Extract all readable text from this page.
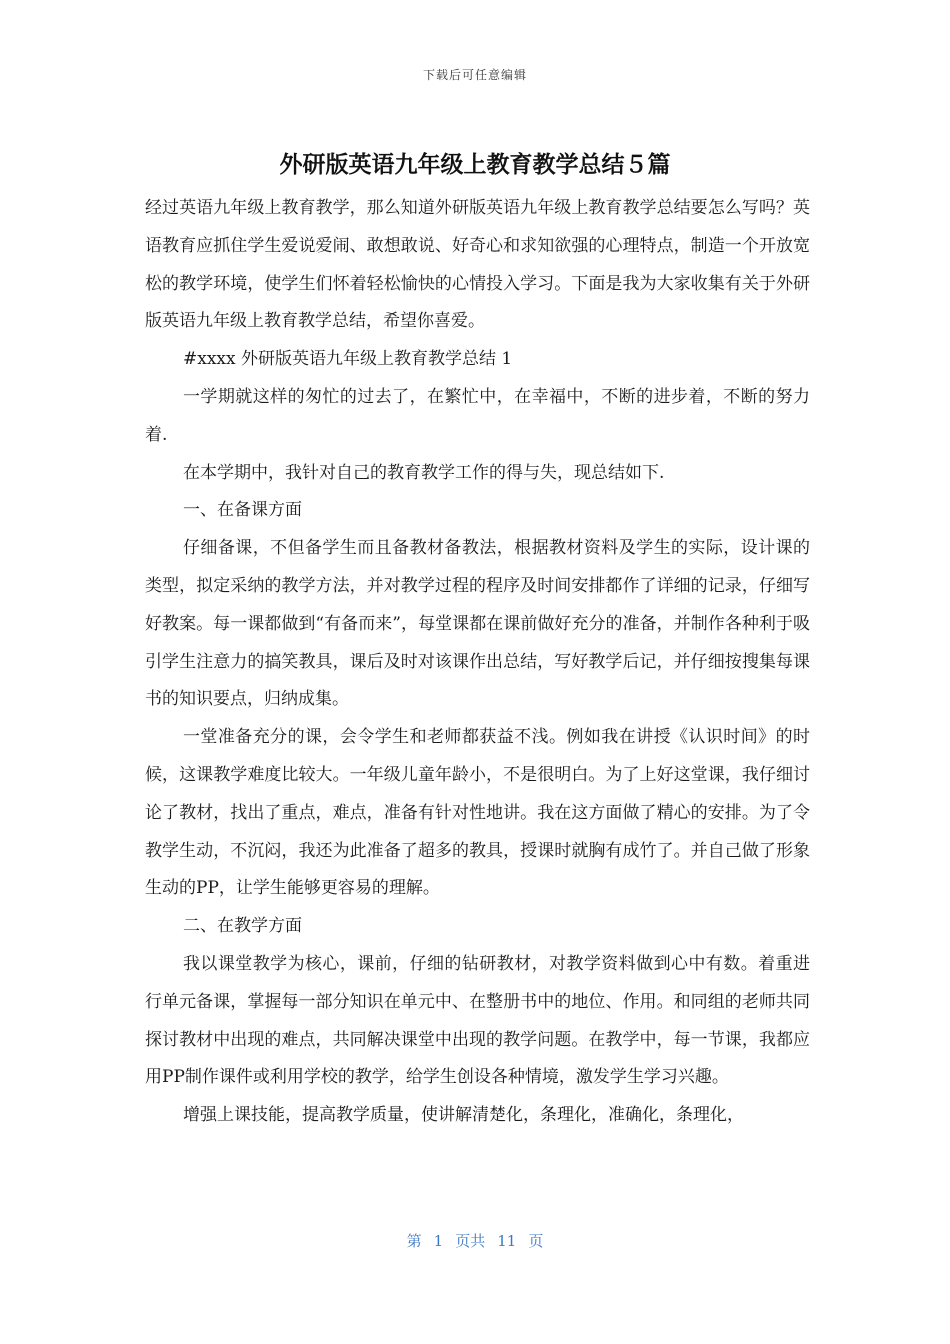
下载后可任意编辑
外研版英语九年级上教育教学总结５篇

经过英语九年级上教育教学，那么知道外研版英语九年级上教育教学总结要怎么写吗？英语教育应抓住学生爱说爱闹、敢想敢说、好奇心和求知欲强的心理特点，制造一个开放宽松的教学环境，使学生们怀着轻松愉快的心情投入学习。下面是我为大家收集有关于外研版英语九年级上教育教学总结，希望你喜爱。

#xxxx 外研版英语九年级上教育教学总结 1

一学期就这样的匆忙的过去了，在繁忙中，在幸福中，不断的进步着，不断的努力着.

在本学期中，我针对自己的教育教学工作的得与失，现总结如下.

一、在备课方面

仔细备课，不但备学生而且备教材备教法，根据教材资料及学生的实际，设计课的类型，拟定采纳的教学方法，并对教学过程的程序及时间安排都作了详细的记录，仔细写好教案。每一课都做到“有备而来”，每堂课都在课前做好充分的准备，并制作各种利于吸引学生注意力的搞笑教具，课后及时对该课作出总结，写好教学后记，并仔细按搜集每课书的知识要点，归纳成集。

一堂准备充分的课，会令学生和老师都获益不浅。例如我在讲授《认识时间》的时候，这课教学难度比较大。一年级儿童年龄小，不是很明白。为了上好这堂课，我仔细讨论了教材，找出了重点，难点，准备有针对性地讲。我在这方面做了精心的安排。为了令教学生动，不沉闷，我还为此准备了超多的教具，授课时就胸有成竹了。并自己做了形象生动的PP，让学生能够更容易的理解。

二、在教学方面

我以课堂教学为核心，课前，仔细的钻研教材，对教学资料做到心中有数。着重进行单元备课，掌握每一部分知识在单元中、在整册书中的地位、作用。和同组的老师共同探讨教材中出现的难点，共同解决课堂中出现的教学问题。在教学中，每一节课，我都应用PP制作课件或利用学校的教学，给学生创设各种情境，激发学生学习兴趣。

增强上课技能，提高教学质量，使讲解清楚化，条理化，准确化，条理化，

第 1 页共 11 页
